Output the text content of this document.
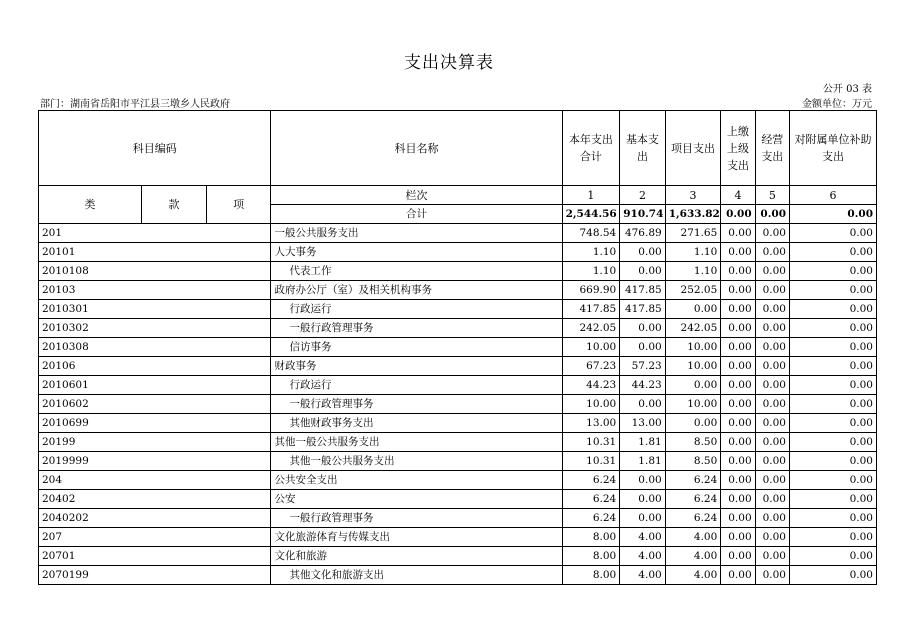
支出决算表
公开 03 表
部门：湖南省岳阳市平江县三墩乡人民政府	金额单位：万元
科目编码			科目名称	本年支出合计	基本支出	项目支出	上缴上级支出	经营支出	对附属单位补助支出
类	款	项	栏次	1	2	3	4	5	6
			合计	2,544.56	910.74	1,633.82	0.00	0.00	0.00
201			一般公共服务支出	748.54	476.89	271.65	0.00	0.00	0.00
20101			人大事务	1.10	0.00	1.10	0.00	0.00	0.00
2010108			代表工作	1.10	0.00	1.10	0.00	0.00	0.00
20103			政府办公厅（室）及相关机构事务	669.90	417.85	252.05	0.00	0.00	0.00
2010301			行政运行	417.85	417.85	0.00	0.00	0.00	0.00
2010302			一般行政管理事务	242.05	0.00	242.05	0.00	0.00	0.00
2010308			信访事务	10.00	0.00	10.00	0.00	0.00	0.00
20106			财政事务	67.23	57.23	10.00	0.00	0.00	0.00
2010601			行政运行	44.23	44.23	0.00	0.00	0.00	0.00
2010602			一般行政管理事务	10.00	0.00	10.00	0.00	0.00	0.00
2010699			其他财政事务支出	13.00	13.00	0.00	0.00	0.00	0.00
20199			其他一般公共服务支出	10.31	1.81	8.50	0.00	0.00	0.00
2019999			其他一般公共服务支出	10.31	1.81	8.50	0.00	0.00	0.00
204			公共安全支出	6.24	0.00	6.24	0.00	0.00	0.00
20402			公安	6.24	0.00	6.24	0.00	0.00	0.00
2040202			一般行政管理事务	6.24	0.00	6.24	0.00	0.00	0.00
207			文化旅游体育与传媒支出	8.00	4.00	4.00	0.00	0.00	0.00
20701			文化和旅游	8.00	4.00	4.00	0.00	0.00	0.00
2070199			其他文化和旅游支出	8.00	4.00	4.00	0.00	0.00	0.00
